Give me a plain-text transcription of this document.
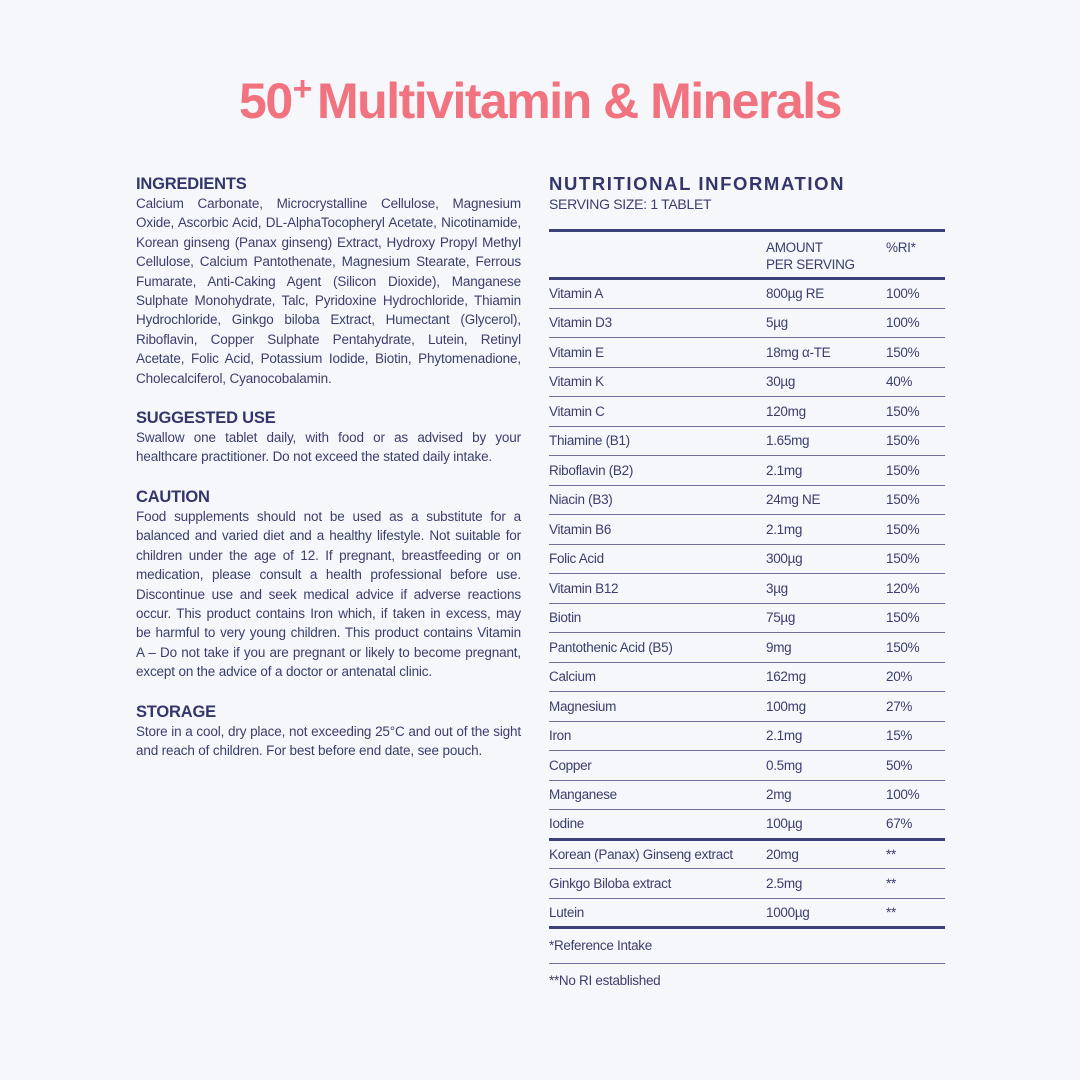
50+ Multivitamin & Minerals
INGREDIENTS

Calcium Carbonate, Microcrystalline Cellulose, Magnesium Oxide, Ascorbic Acid, DL-AlphaTocopheryl Acetate, Nicotinamide, Korean ginseng (Panax ginseng) Extract, Hydroxy Propyl Methyl Cellulose, Calcium Pantothenate, Magnesium Stearate, Ferrous Fumarate, Anti-Caking Agent (Silicon Dioxide), Manganese Sulphate Monohydrate, Talc, Pyridoxine Hydrochloride, Thiamin Hydrochloride, Ginkgo biloba Extract, Humectant (Glycerol), Riboflavin, Copper Sulphate Pentahydrate, Lutein, Retinyl Acetate, Folic Acid, Potassium Iodide, Biotin, Phytomenadione, Cholecalciferol, Cyanocobalamin.

SUGGESTED USE

Swallow one tablet daily, with food or as advised by your healthcare practitioner. Do not exceed the stated daily intake.

CAUTION

Food supplements should not be used as a substitute for a balanced and varied diet and a healthy lifestyle. Not suitable for children under the age of 12. If pregnant, breastfeeding or on medication, please consult a health professional before use. Discontinue use and seek medical advice if adverse reactions occur. This product contains Iron which, if taken in excess, may be harmful to very young children. This product contains Vitamin A – Do not take if you are pregnant or likely to become pregnant, except on the advice of a doctor or antenatal clinic.

STORAGE

Store in a cool, dry place, not exceeding 25°C and out of the sight and reach of children. For best before end date, see pouch.

NUTRITIONAL INFORMATION
SERVING SIZE: 1 TABLET

	AMOUNT
PER SERVING	%RI*
Vitamin A	800µg RE	100%
Vitamin D3	5µg	100%
Vitamin E	18mg α-TE	150%
Vitamin K	30µg	40%
Vitamin C	120mg	150%
Thiamine (B1)	1.65mg	150%
Riboflavin (B2)	2.1mg	150%
Niacin (B3)	24mg NE	150%
Vitamin B6	2.1mg	150%
Folic Acid	300µg	150%
Vitamin B12	3µg	120%
Biotin	75µg	150%
Pantothenic Acid (B5)	9mg	150%
Calcium	162mg	20%
Magnesium	100mg	27%
Iron	2.1mg	15%
Copper	0.5mg	50%
Manganese	2mg	100%
Iodine	100µg	67%
Korean (Panax) Ginseng extract	20mg	**
Ginkgo Biloba extract	2.5mg	**
Lutein	1000µg	**
*Reference Intake
**No RI established
